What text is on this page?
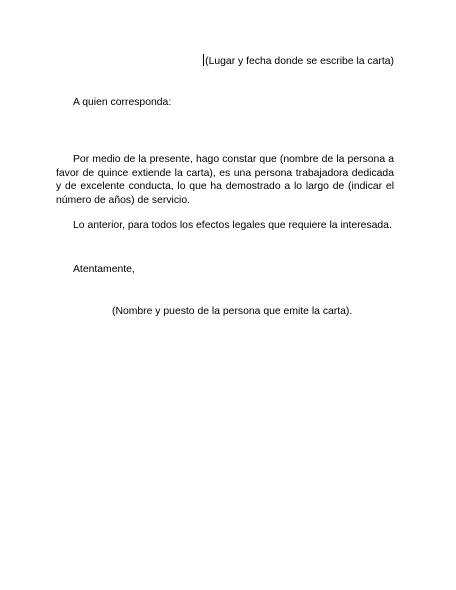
(Lugar y fecha donde se escribe la carta)
A quien corresponda:
Por medio de la presente, hago constar que (nombre de la persona a favor de quince extiende la carta), es una persona trabajadora dedicada y de excelente conducta, lo que ha demostrado a lo largo de (indicar el número de años) de servicio.
Lo anterior, para todos los efectos legales que requiere la interesada.
Atentamente,
(Nombre y puesto de la persona que emite la carta).
